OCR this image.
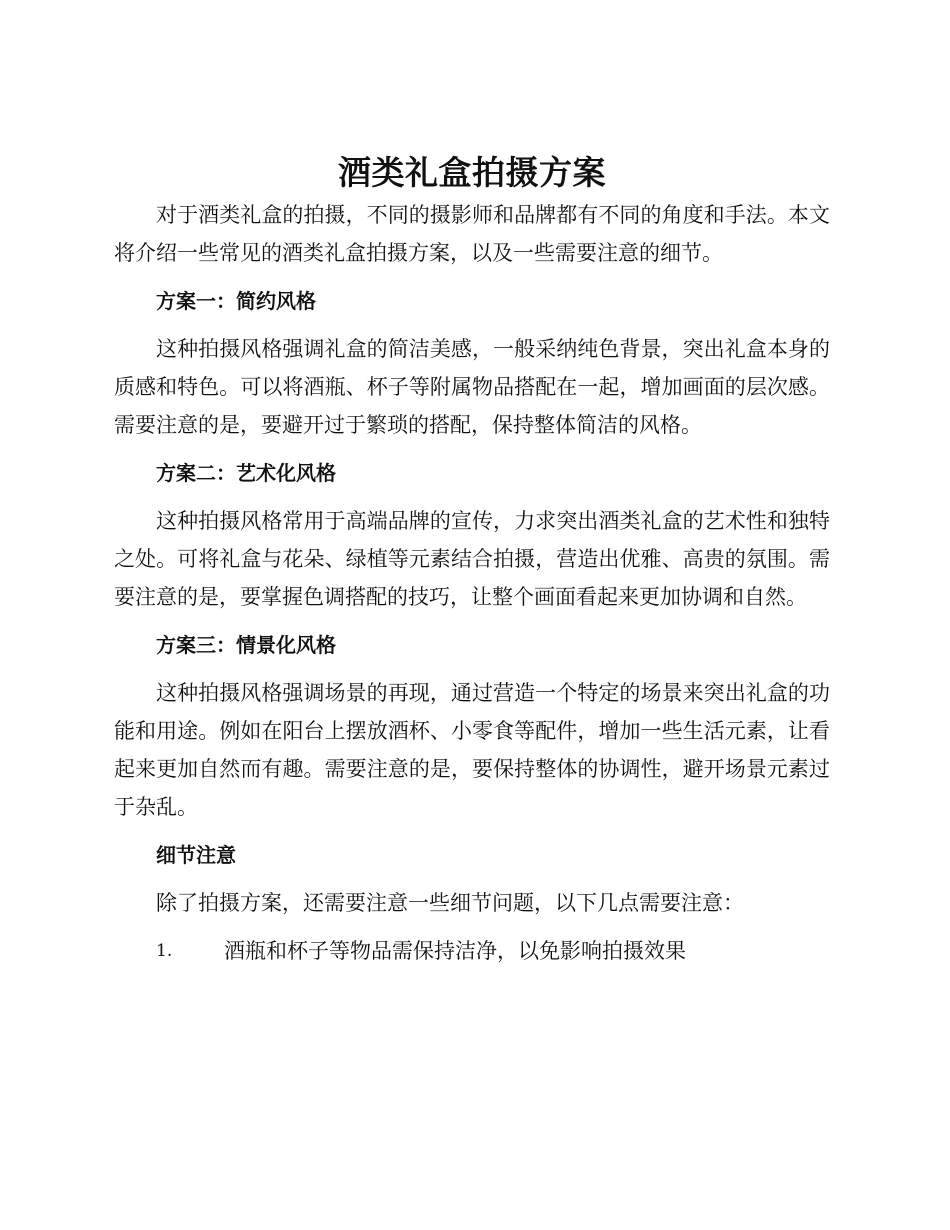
酒类礼盒拍摄方案

对于酒类礼盒的拍摄，不同的摄影师和品牌都有不同的角度和手法。本文将介绍一些常见的酒类礼盒拍摄方案，以及一些需要注意的细节。

方案一：简约风格

这种拍摄风格强调礼盒的简洁美感，一般采纳纯色背景，突出礼盒本身的质感和特色。可以将酒瓶、杯子等附属物品搭配在一起，增加画面的层次感。需要注意的是，要避开过于繁琐的搭配，保持整体简洁的风格。

方案二：艺术化风格

这种拍摄风格常用于高端品牌的宣传，力求突出酒类礼盒的艺术性和独特之处。可将礼盒与花朵、绿植等元素结合拍摄，营造出优雅、高贵的氛围。需要注意的是，要掌握色调搭配的技巧，让整个画面看起来更加协调和自然。

方案三：情景化风格

这种拍摄风格强调场景的再现，通过营造一个特定的场景来突出礼盒的功能和用途。例如在阳台上摆放酒杯、小零食等配件，增加一些生活元素，让看起来更加自然而有趣。需要注意的是，要保持整体的协调性，避开场景元素过于杂乱。

细节注意

除了拍摄方案，还需要注意一些细节问题，以下几点需要注意：

1.	酒瓶和杯子等物品需保持洁净，以免影响拍摄效果
